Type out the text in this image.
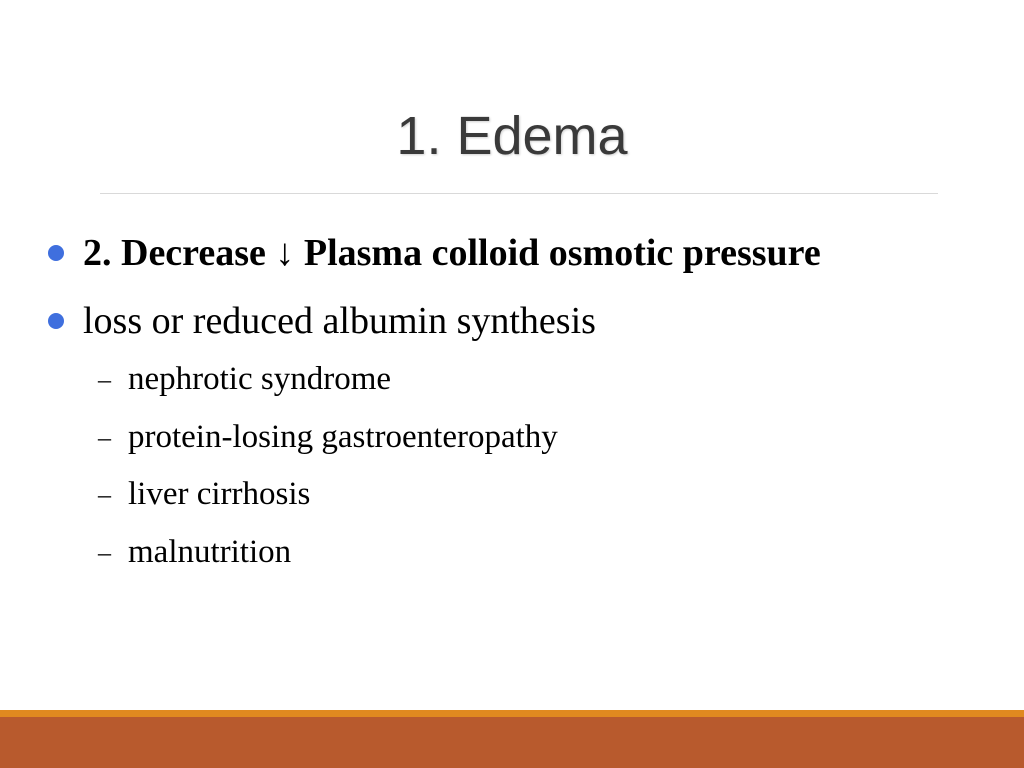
1. Edema
2. Decrease ↓ Plasma colloid osmotic pressure
loss or reduced albumin synthesis
– nephrotic syndrome
– protein-losing gastroenteropathy
– liver cirrhosis
– malnutrition
